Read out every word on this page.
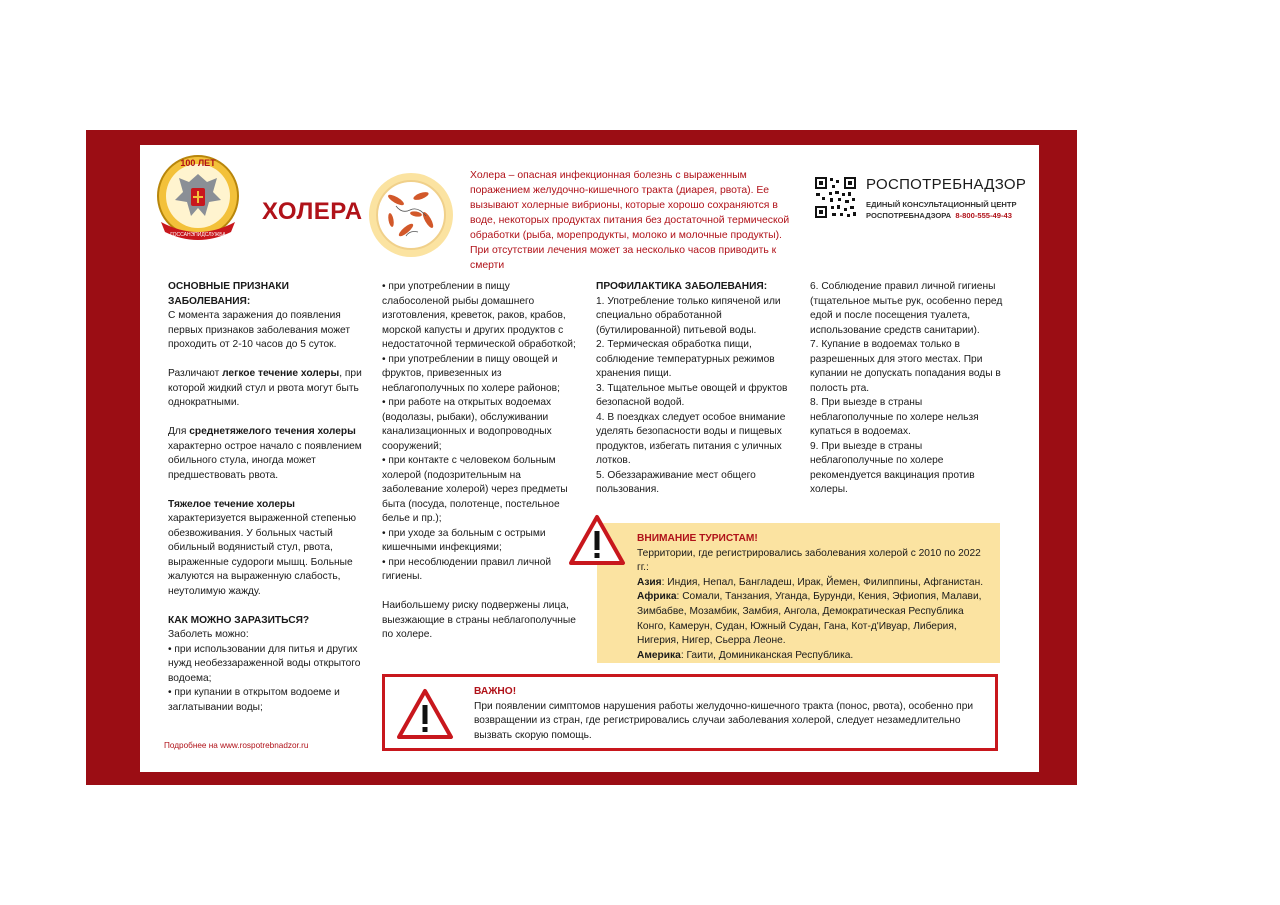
100 ЛЕТ
ГОССАНЭПИДСЛУЖБА
ХОЛЕРА
Холера – опасная инфекционная болезнь с выраженным поражением желудочно-кишечного тракта (диарея, рвота). Ее вызывают холерные вибрионы, которые хорошо сохраняются в воде, некоторых продуктах питания без достаточной термической обработки (рыба, морепродукты, молоко и молочные продукты). При отсутствии лечения может за несколько часов приводить к смерти
РОСПОТРЕБНАДЗОР
ЕДИНЫЙ КОНСУЛЬТАЦИОННЫЙ ЦЕНТР
РОСПОТРЕБНАДЗОРА 8-800-555-49-43

ОСНОВНЫЕ ПРИЗНАКИ ЗАБОЛЕВАНИЯ:

С момента заражения до появления первых признаков заболевания может проходить от 2-10 часов до 5 суток.

Различают легкое течение холеры, при которой жидкий стул и рвота могут быть однократными.

Для среднетяжелого течения холеры характерно острое начало с появлением обильного стула, иногда может предшествовать рвота.

Тяжелое течение холеры характеризуется выраженной степенью обезвоживания. У больных частый обильный водянистый стул, рвота, выраженные судороги мышц. Больные жалуются на выраженную слабость, неутолимую жажду.

КАК МОЖНО ЗАРАЗИТЬСЯ?

Заболеть можно:

• при использовании для питья и других нужд необеззараженной воды открытого водоема;

• при купании в открытом водоеме и заглатывании воды;

• при употреблении в пищу слабосоленой рыбы домашнего изготовления, креветок, раков, крабов, морской капусты и других продуктов с недостаточной термической обработкой;

• при употреблении в пищу овощей и фруктов, привезенных из неблагополучных по холере районов;

• при работе на открытых водоемах (водолазы, рыбаки), обслуживании канализационных и водопроводных сооружений;

• при контакте с человеком больным холерой (подозрительным на заболевание холерой) через предметы быта (посуда, полотенце, постельное белье и пр.);

• при уходе за больным с острыми кишечными инфекциями;

• при несоблюдении правил личной гигиены.

Наибольшему риску подвержены лица, выезжающие в страны неблагополучные по холере.

ПРОФИЛАКТИКА ЗАБОЛЕВАНИЯ:

1. Употребление только кипяченой или специально обработанной (бутилированной) питьевой воды.

2. Термическая обработка пищи, соблюдение температурных режимов хранения пищи.

3. Тщательное мытье овощей и фруктов безопасной водой.

4. В поездках следует особое внимание уделять безопасности воды и пищевых продуктов, избегать питания с уличных лотков.

5. Обеззараживание мест общего пользования.

6. Соблюдение правил личной гигиены (тщательное мытье рук, особенно перед едой и после посещения туалета, использование средств санитарии).

7. Купание в водоемах только в разрешенных для этого местах. При купании не допускать попадания воды в полость рта.

8. При выезде в страны неблагополучные по холере нельзя купаться в водоемах.

9. При выезде в страны неблагополучные по холере рекомендуется вакцинация против холеры.

ВНИМАНИЕ ТУРИСТАМ!

Территории, где регистрировались заболевания холерой с 2010 по 2022 гг.:

Азия: Индия, Непал, Бангладеш, Ирак, Йемен, Филиппины, Афганистан.

Африка: Сомали, Танзания, Уганда, Бурунди, Кения, Эфиопия, Малави, Зимбабве, Мозамбик, Замбия, Ангола, Демократическая Республика Конго, Камерун, Судан, Южный Судан, Гана, Кот-д'Ивуар, Либерия, Нигерия, Нигер, Сьерра Леоне.

Америка: Гаити, Доминиканская Республика.

ВАЖНО!

При появлении симптомов нарушения работы желудочно-кишечного тракта (понос, рвота), особенно при возвращении из стран, где регистрировались случаи заболевания холерой, следует незамедлительно вызвать скорую помощь.

Подробнее на www.rospotrebnadzor.ru
